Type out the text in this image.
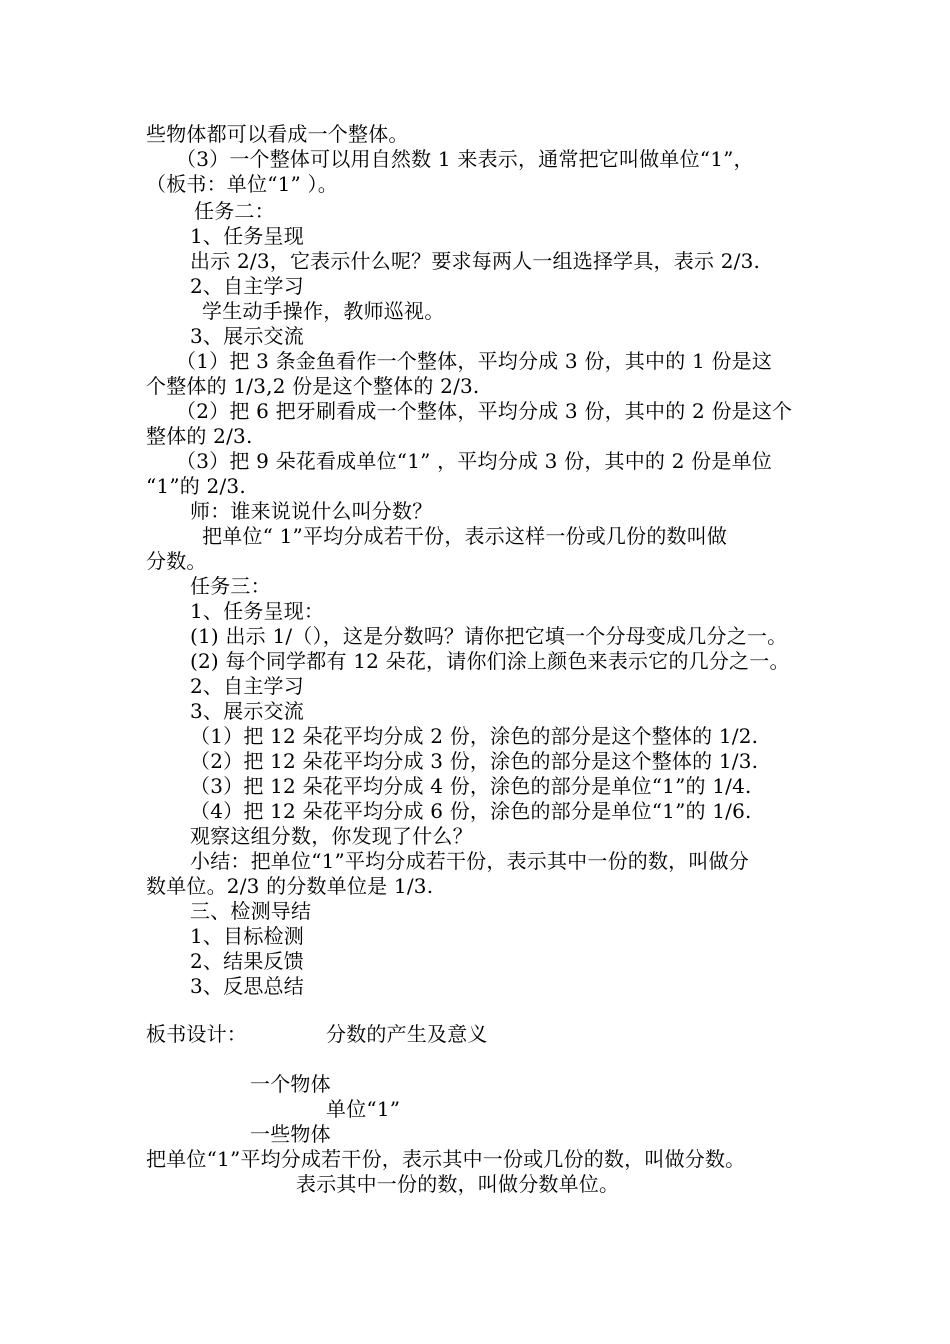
些物体都可以看成一个整体。
（3）一个整体可以用自然数 1 来表示，通常把它叫做单位“1”，
（板书：单位“1” ）。
任务二：
1、任务呈现
出示 2/3，它表示什么呢？要求每两人一组选择学具，表示 2/3.
2、自主学习
学生动手操作，教师巡视。
3、展示交流
（1）把 3 条金鱼看作一个整体，平均分成 3 份，其中的 1 份是这
个整体的 1/3,2 份是这个整体的 2/3.
（2）把 6 把牙刷看成一个整体，平均分成 3 份，其中的 2 份是这个
整体的 2/3.
（3）把 9 朵花看成单位“1” ，平均分成 3 份，其中的 2 份是单位
“1”的 2/3.
师：谁来说说什么叫分数？
把单位“ 1”平均分成若干份，表示这样一份或几份的数叫做
分数。
任务三：
1、任务呈现：
(1) 出示 1/（），这是分数吗？请你把它填一个分母变成几分之一。
(2) 每个同学都有 12 朵花，请你们涂上颜色来表示它的几分之一。
2、自主学习
3、展示交流
（1）把 12 朵花平均分成 2 份，涂色的部分是这个整体的 1/2.
（2）把 12 朵花平均分成 3 份，涂色的部分是这个整体的 1/3.
（3）把 12 朵花平均分成 4 份，涂色的部分是单位“1”的 1/4.
（4）把 12 朵花平均分成 6 份，涂色的部分是单位“1”的 1/6.
观察这组分数，你发现了什么？
小结：把单位“1”平均分成若干份，表示其中一份的数，叫做分
数单位。2/3 的分数单位是 1/3.
三、检测导结
1、目标检测
2、结果反馈
3、反思总结
板书设计：	分数的产生及意义
一个物体
单位“1”
一些物体
把单位“1”平均分成若干份，表示其中一份或几份的数，叫做分数。
表示其中一份的数，叫做分数单位。
